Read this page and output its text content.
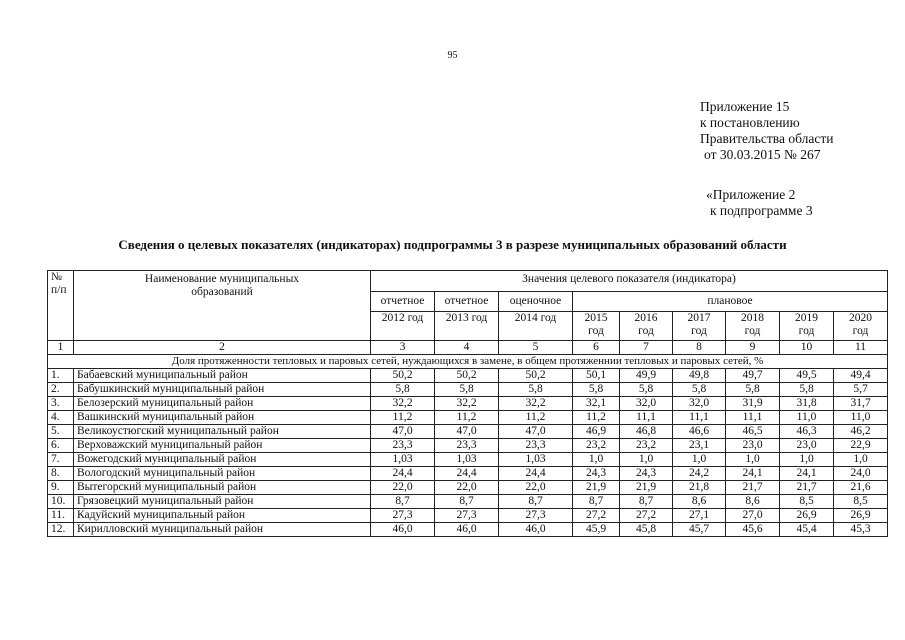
95
Приложение 15
к постановлению
Правительства области
от 30.03.2015 № 267
«Приложение 2
к подпрограмме 3
Сведения о целевых показателях (индикаторах) подпрограммы 3 в разрезе муниципальных образований области
№ п/п	Наименование муниципальных образований	Значения целевого показателя (индикатора)								
		отчетное	отчетное	оценочное	плановое					
		2012 год	2013 год	2014 год	2015 год	2016 год	2017 год	2018 год	2019 год	2020 год
1	2	3	4	5	6	7	8	9	10	11
Доля протяженности тепловых и паровых сетей, нуждающихся в замене, в общем протяженнии тепловых и паровых сетей, %										
1.	Бабаевский муниципальный район	50,2	50,2	50,2	50,1	49,9	49,8	49,7	49,5	49,4
2.	Бабушкинский муниципальный район	5,8	5,8	5,8	5,8	5,8	5,8	5,8	5,8	5,7
3.	Белозерский муниципальный район	32,2	32,2	32,2	32,1	32,0	32,0	31,9	31,8	31,7
4.	Вашкинский муниципальный район	11,2	11,2	11,2	11,2	11,1	11,1	11,1	11,0	11,0
5.	Великоустюгский муниципальный район	47,0	47,0	47,0	46,9	46,8	46,6	46,5	46,3	46,2
6.	Верховажский муниципальный район	23,3	23,3	23,3	23,2	23,2	23,1	23,0	23,0	22,9
7.	Вожегодский муниципальный район	1,03	1,03	1,03	1,0	1,0	1,0	1,0	1,0	1,0
8.	Вологодский муниципальный район	24,4	24,4	24,4	24,3	24,3	24,2	24,1	24,1	24,0
9.	Вытегорский муниципальный район	22,0	22,0	22,0	21,9	21,9	21,8	21,7	21,7	21,6
10.	Грязовецкий муниципальный район	8,7	8,7	8,7	8,7	8,7	8,6	8,6	8,5	8,5
11.	Кадуйский муниципальный район	27,3	27,3	27,3	27,2	27,2	27,1	27,0	26,9	26,9
12.	Кирилловский муниципальный район	46,0	46,0	46,0	45,9	45,8	45,7	45,6	45,4	45,3
